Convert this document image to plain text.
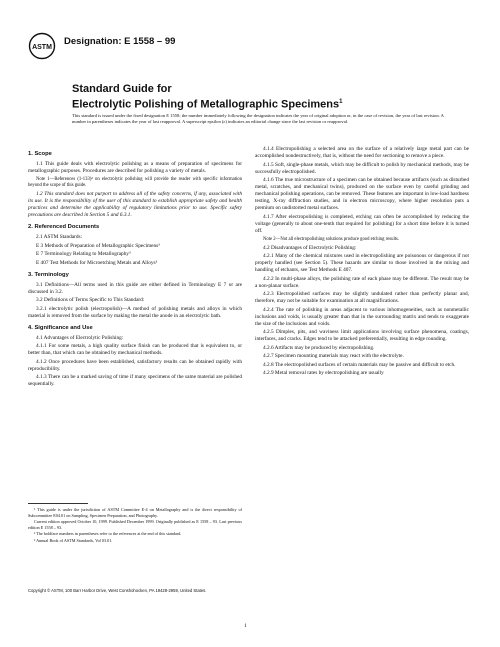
ASTM
Designation: E 1558 – 99
Standard Guide for
Electrolytic Polishing of Metallographic Specimens$^1$
This standard is issued under the fixed designation E 1558; the number immediately following the designation indicates the year of original adoption or, in the case of revision, the year of last revision. A number in parentheses indicates the year of last reapproval. A superscript epsilon (ε) indicates an editorial change since the last revision or reapproval.

1. Scope

1.1 This guide deals with electrolytic polishing as a means of preparation of specimens for metallographic purposes. Procedures are described for polishing a variety of metals.

Note 1—References (1-133)² on electrolytic polishing will provide the reader with specific information beyond the scope of this guide.

1.2 This standard does not purport to address all of the safety concerns, if any, associated with its use. It is the responsibility of the user of this standard to establish appropriate safety and health practices and determine the applicability of regulatory limitations prior to use. Specific safety precautions are described in Section 5 and 6.3.1.

2. Referenced Documents

2.1 ASTM Standards:

E 3 Methods of Preparation of Metallographic Specimens³

E 7 Terminology Relating to Metallography³

E 407 Test Methods for Microetching Metals and Alloys³

3. Terminology

3.1 Definitions—All terms used in this guide are either defined in Terminology E 7 or are discussed in 3.2.

3.2 Definitions of Terms Specific to This Standard:

3.2.1 electrolytic polish (electropolish)—A method of polishing metals and alloys in which material is removed from the surface by making the metal the anode in an electrolytic bath.

4. Significance and Use

4.1 Advantages of Electrolytic Polishing:

4.1.1 For some metals, a high quality surface finish can be produced that is equivalent to, or better than, that which can be obtained by mechanical methods.

4.1.2 Once procedures have been established, satisfactory results can be obtained rapidly with reproducibility.

4.1.3 There can be a marked saving of time if many specimens of the same material are polished sequentially.

4.1.4 Electropolishing a selected area on the surface of a relatively large metal part can be accomplished nondestructively, that is, without the need for sectioning to remove a piece.

4.1.5 Soft, single-phase metals, which may be difficult to polish by mechanical methods, may be successfully electropolished.

4.1.6 The true microstructure of a specimen can be obtained because artifacts (such as disturbed metal, scratches, and mechanical twins), produced on the surface even by careful grinding and mechanical polishing operations, can be removed. These features are important in low-load hardness testing, X-ray diffraction studies, and in electron microscopy, where higher resolution puts a premium on undistorted metal surfaces.

4.1.7 After electropolishing is completed, etching can often be accomplished by reducing the voltage (generally to about one-tenth that required for polishing) for a short time before it is turned off.

Note 2—Not all electropolishing solutions produce good etching results.

4.2 Disadvantages of Electrolytic Polishing:

4.2.1 Many of the chemical mixtures used in electropolishing are poisonous or dangerous if not properly handled (see Section 5). These hazards are similar to those involved in the mixing and handling of etchants, see Test Methods E 407.

4.2.2 In multi-phase alloys, the polishing rate of each phase may be different. The result may be a non-planar surface.

4.2.3 Electropolished surfaces may be slightly undulated rather than perfectly planar and, therefore, may not be suitable for examination at all magnifications.

4.2.4 The rate of polishing in areas adjacent to various inhomogeneities, such as nonmetallic inclusions and voids, is usually greater than that in the surrounding matrix and tends to exaggerate the size of the inclusions and voids.

4.2.5 Dimples, pits, and waviness limit applications involving surface phenomena, coatings, interfaces, and cracks. Edges tend to be attacked preferentially, resulting in edge rounding.

4.2.6 Artifacts may be produced by electropolishing.

4.2.7 Specimen mounting materials may react with the electrolyte.

4.2.8 The electropolished surfaces of certain materials may be passive and difficult to etch.

4.2.9 Metal removal rates by electropolishing are usually

¹ This guide is under the jurisdiction of ASTM Committee E-4 on Metallography and is the direct responsibility of Subcommittee E04.01 on Sampling, Specimen Preparation, and Photography.

Current edition approved October 10, 1999. Published December 1999. Originally published as E 1558 – 93. Last previous edition E 1558 – 93.

² The boldface numbers in parentheses refer to the references at the end of this standard.

³ Annual Book of ASTM Standards, Vol 03.01.

Copyright © ASTM, 100 Barr Harbor Drive, West Conshohocken, PA 19428-2959, United States.
1
